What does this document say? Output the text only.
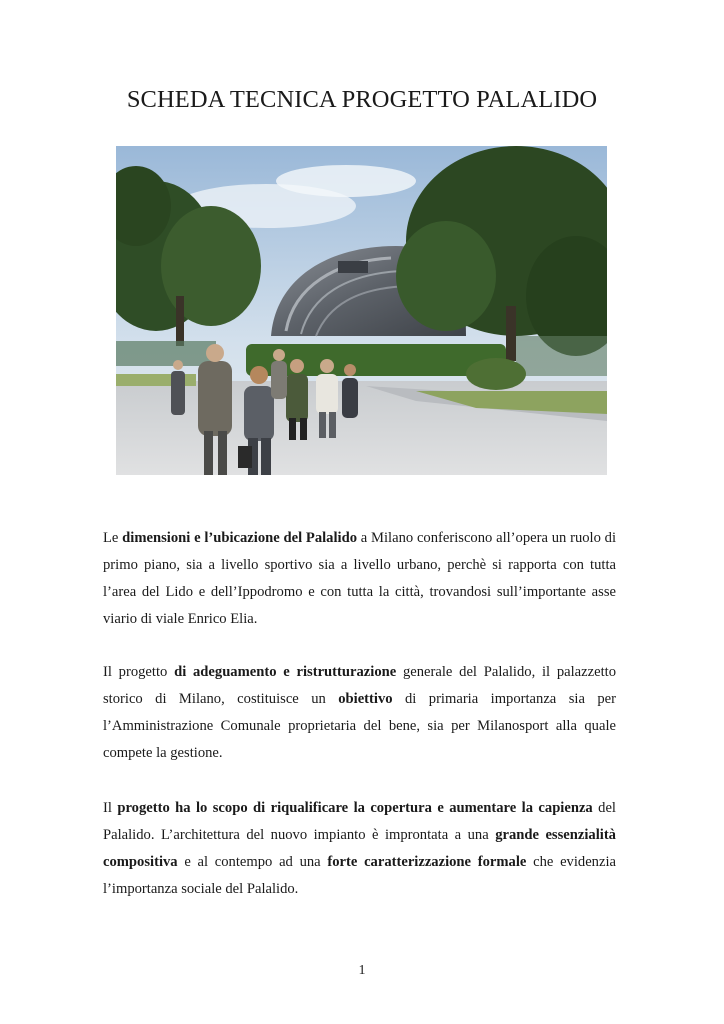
SCHEDA TECNICA PROGETTO PALALIDO

Le dimensioni e l’ubicazione del Palalido a Milano conferiscono all’opera un ruolo di primo piano, sia a livello sportivo sia a livello urbano, perchè si rapporta con tutta l’area del Lido e dell’Ippodromo e con tutta la città, trovandosi sull’importante asse viario di viale Enrico Elia.

Il progetto di adeguamento e ristrutturazione generale del Palalido, il palazzetto storico di Milano, costituisce un obiettivo di primaria importanza sia per l’Amministrazione Comunale proprietaria del bene, sia per Milanosport alla quale compete la gestione.

Il progetto ha lo scopo di riqualificare la copertura e aumentare la capienza del Palalido. L’architettura del nuovo impianto è improntata a una grande essenzialità compositiva e al contempo ad una forte caratterizzazione formale che evidenzia l’importanza sociale del Palalido.

1
